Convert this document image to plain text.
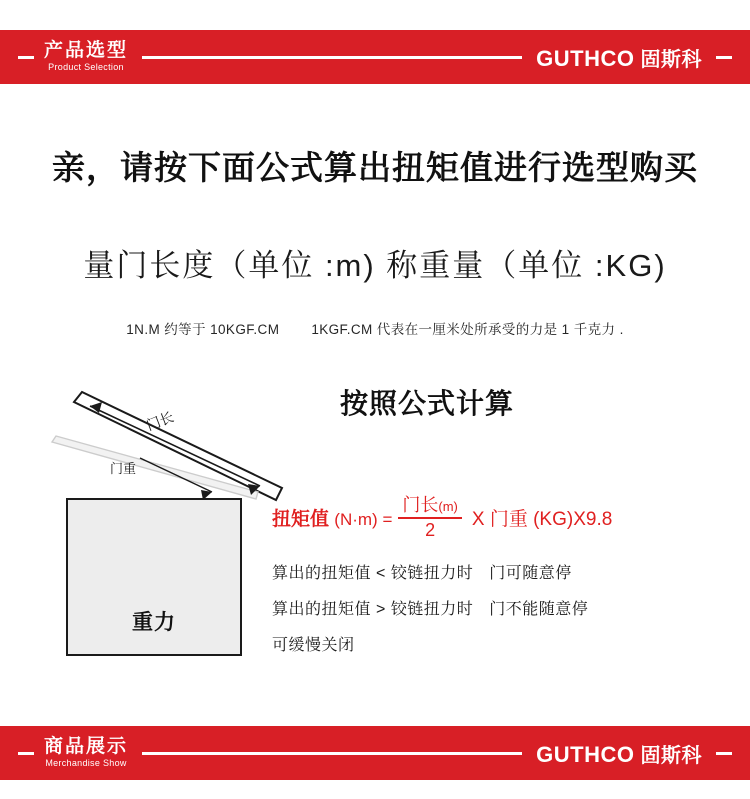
产品选型
Product Selection	GUTHCO 固斯科
亲，请按下面公式算出扭矩值进行选型购买
量门长度（单位 :m) 称重量（单位 :KG)
1N.M 约等于 10KGF.CM 1KGF.CM 代表在一厘米处所承受的力是 1 千克力 .
重力
门长
门重
按照公式计算
扭矩值 $(N\cdot m) = \frac{\text{门长(m)}}{2}$ X 门重 (KG)X9.8
算出的扭矩值 < 铰链扭力时 门可随意停
算出的扭矩值 > 铰链扭力时 门不能随意停
可缓慢关闭
商品展示
Merchandise Show	GUTHCO 固斯科
